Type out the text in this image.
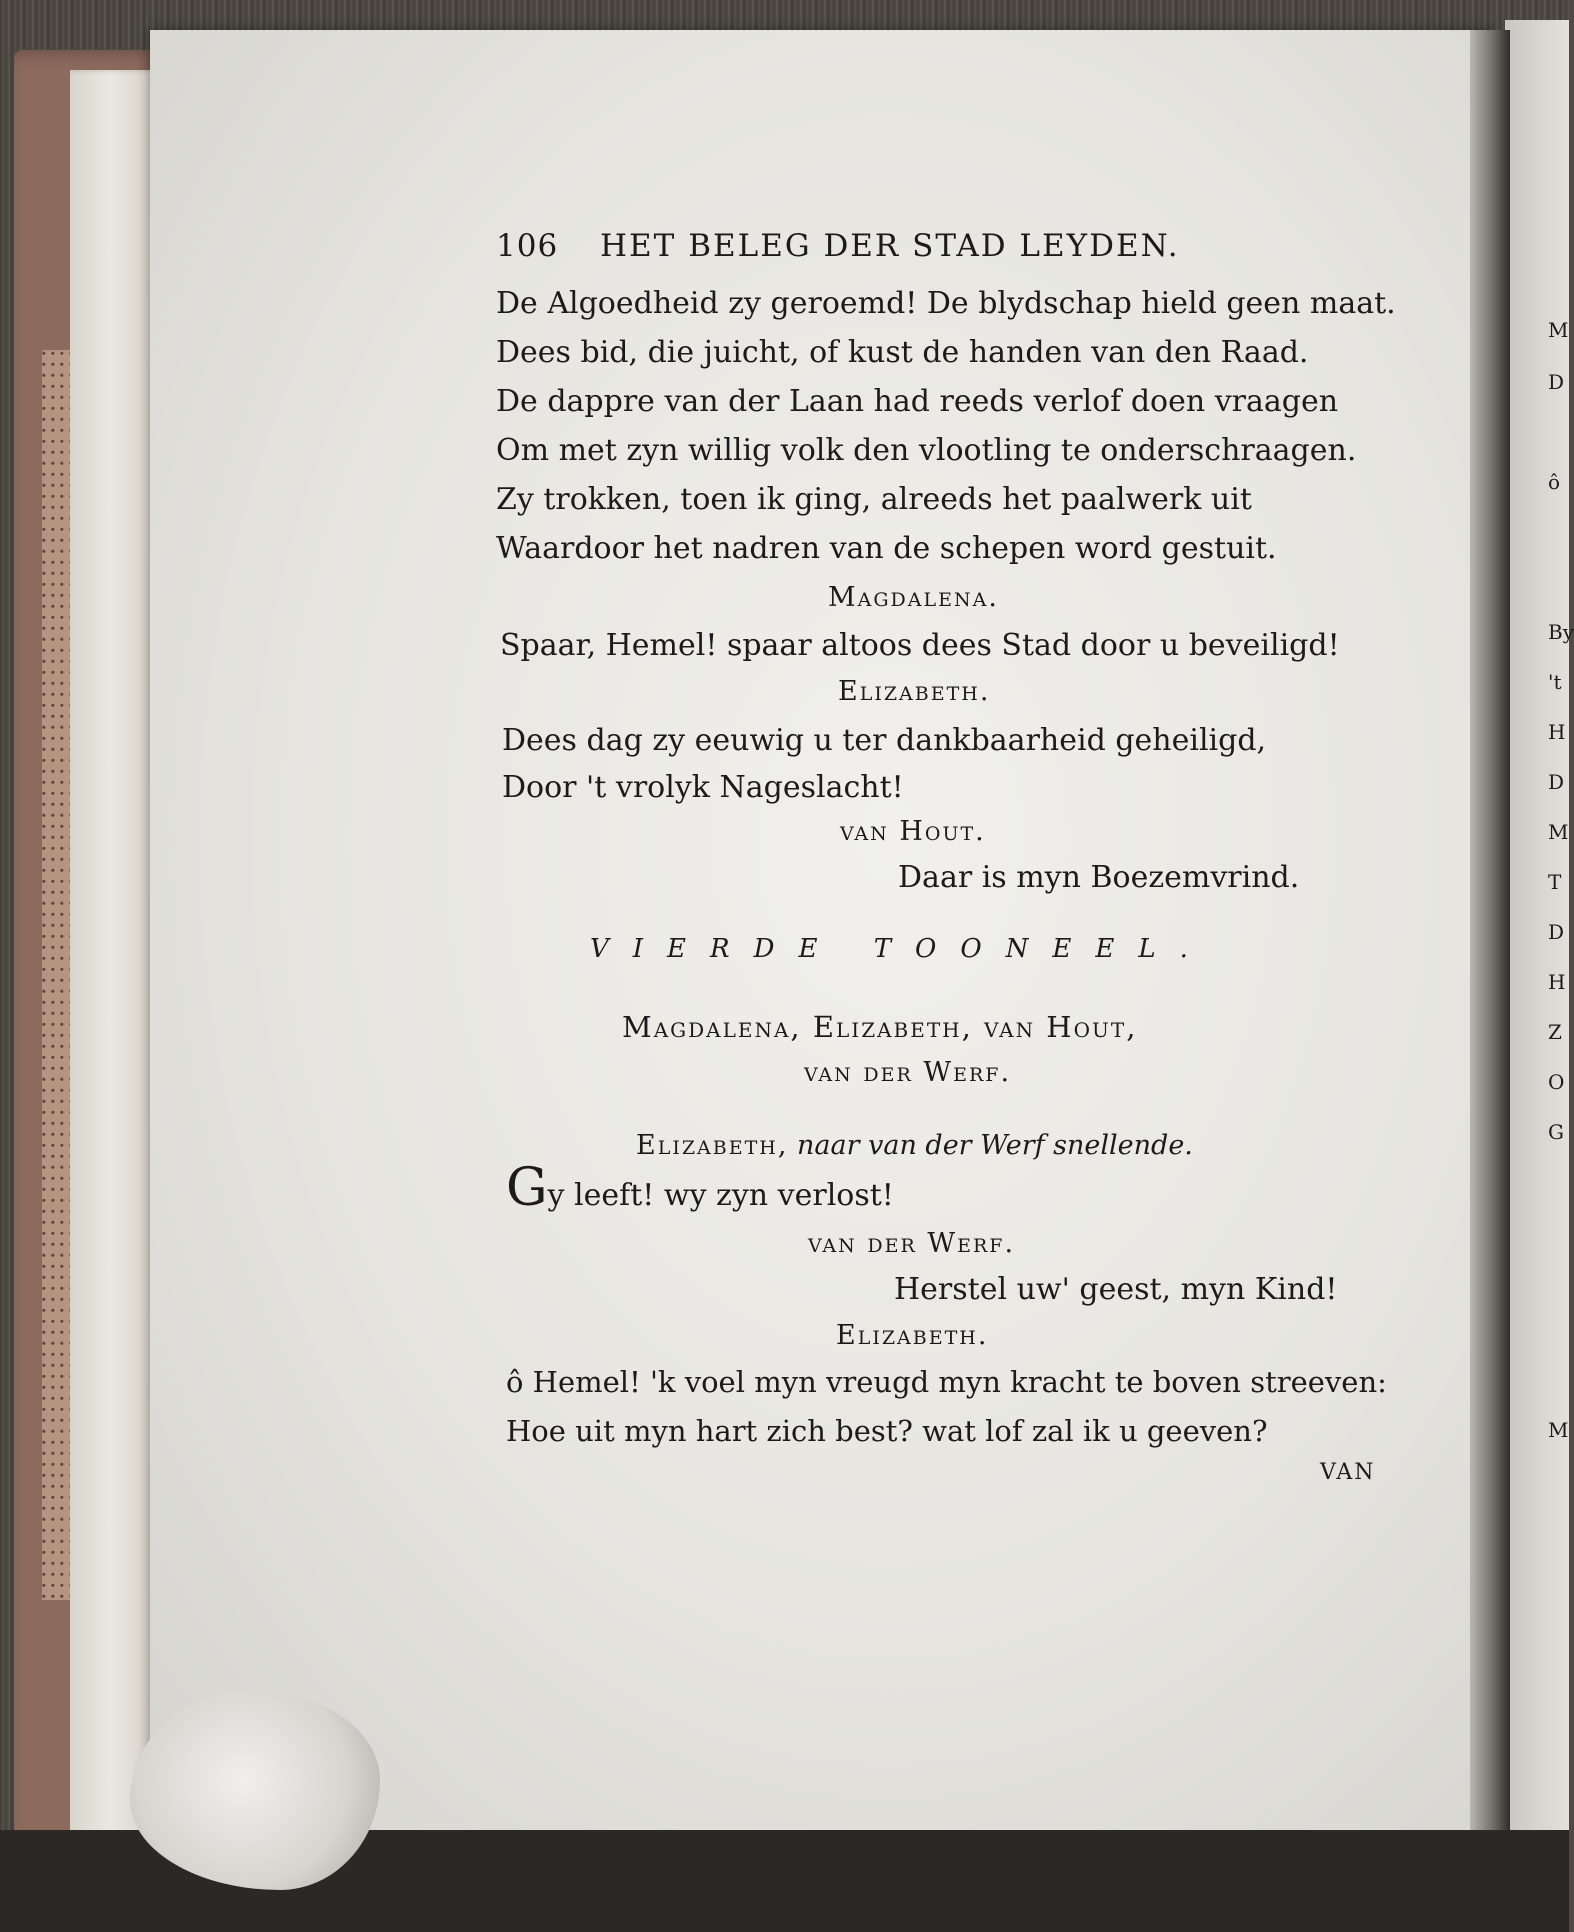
M
D
ô
By
't
H
D
M
T
D
H
Z
O
G
M
106 HET BELEG DER STAD LEYDEN.
De Algoedheid zy geroemd! De blydschap hield geen maat.
Dees bid, die juicht, of kust de handen van den Raad.
De dappre van der Laan had reeds verlof doen vraagen
Om met zyn willig volk den vlootling te onderschraagen.
Zy trokken, toen ik ging, alreeds het paalwerk uit
Waardoor het nadren van de schepen word gestuit.
Magdalena.
Spaar, Hemel! spaar altoos dees Stad door u beveiligd!
Elizabeth.
Dees dag zy eeuwig u ter dankbaarheid geheiligd,
Door 't vrolyk Nageslacht!
van Hout.
Daar is myn Boezemvrind.
VIERDE TOONEEL.
Magdalena, Elizabeth, van Hout,
van der Werf.
Elizabeth, naar van der Werf snellende.
Gy leeft! wy zyn verlost!
van der Werf.
Herstel uw' geest, myn Kind!
Elizabeth.
ô Hemel! 'k voel myn vreugd myn kracht te boven streeven:
Hoe uit myn hart zich best? wat lof zal ik u geeven?
VAN
